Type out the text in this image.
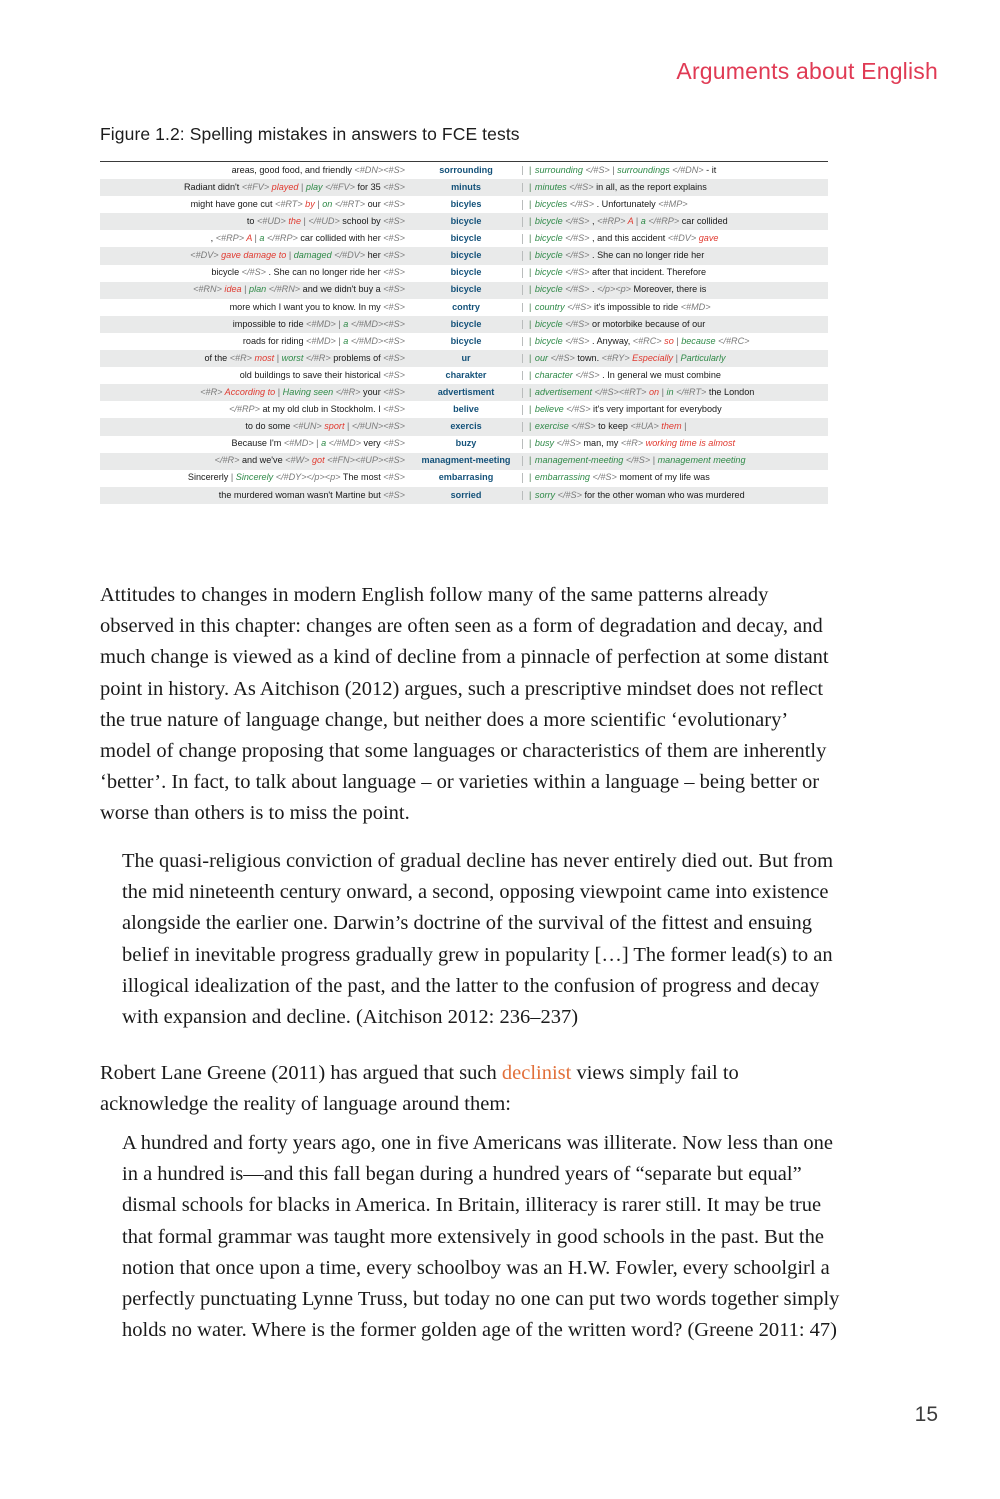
Arguments about English
Figure 1.2: Spelling mistakes in answers to FCE tests
areas, good food, and friendly <#DN><#S>	sorrounding	| surrounding </#S> | surroundings </#DN> - it
Radiant didn't <#FV> played | play </#FV> for 35 <#S>	minuts	| minutes </#S> in all, as the report explains
might have gone cut <#RT> by | on </#RT> our <#S>	bicyles	| bicycles </#S> . Unfortunately <#MP>
to <#UD> the | </#UD> school by <#S>	bicycle	| bicycle </#S> , <#RP> A | a </#RP> car collided
, <#RP> A | a </#RP> car collided with her <#S>	bicycle	| bicycle </#S> , and this accident <#DV> gave
<#DV> gave damage to | damaged </#DV> her <#S>	bicycle	| bicycle </#S> . She can no longer ride her
bicycle </#S> . She can no longer ride her <#S>	bicycle	| bicycle </#S> after that incident. Therefore
<#RN> idea | plan </#RN> and we didn't buy a <#S>	bicycle	| bicycle </#S> . </p><p> Moreover, there is
more which I want you to know. In my <#S>	contry	| country </#S> it's impossible to ride <#MD>
impossible to ride <#MD> | a </#MD><#S>	bicycle	| bicycle </#S> or motorbike because of our
roads for riding <#MD> | a </#MD><#S>	bicycle	| bicycle </#S> . Anyway, <#RC> so | because </#RC>
of the <#R> most | worst </#R> problems of <#S>	ur	| our </#S> town. <#RY> Especially | Particularly
old buildings to save their historical <#S>	charakter	| character </#S> . In general we must combine
<#R> According to | Having seen </#R> your <#S>	advertisment	| advertisement </#S><#RT> on | in </#RT> the London
</#RP> at my old club in Stockholm. I <#S>	belive	| believe </#S> it's very important for everybody
to do some <#UN> sport | </#UN><#S>	exercis	| exercise </#S> to keep <#UA> them |
Because I'm <#MD> | a </#MD> very <#S>	buzy	| busy </#S> man, my <#R> working time is almost
</#R> and we've <#W> got <#FN><#UP><#S>	managment-meeting	| management-meeting </#S> | management meeting
Sincererly | Sincerely </#DY></p><p> The most <#S>	embarrasing	| embarrassing </#S> moment of my life was
the murdered woman wasn't Martine but <#S>	sorried	| sorry </#S> for the other woman who was murdered
Attitudes to changes in modern English follow many of the same patterns already observed in this chapter: changes are often seen as a form of degradation and decay, and much change is viewed as a kind of decline from a pinnacle of perfection at some distant point in history. As Aitchison (2012) argues, such a prescriptive mindset does not reflect the true nature of language change, but neither does a more scientific ‘evolutionary’ model of change proposing that some languages or characteristics of them are inherently ‘better’. In fact, to talk about language – or varieties within a language – being better or worse than others is to miss the point.
The quasi-religious conviction of gradual decline has never entirely died out. But from the mid nineteenth century onward, a second, opposing viewpoint came into existence alongside the earlier one. Darwin’s doctrine of the survival of the fittest and ensuing belief in inevitable progress gradually grew in popularity […] The former lead(s) to an illogical idealization of the past, and the latter to the confusion of progress and decay with expansion and decline. (Aitchison 2012: 236–237)
Robert Lane Greene (2011) has argued that such declinist views simply fail to acknowledge the reality of language around them:
A hundred and forty years ago, one in five Americans was illiterate. Now less than one in a hundred is—and this fall began during a hundred years of “separate but equal” dismal schools for blacks in America. In Britain, illiteracy is rarer still. It may be true that formal grammar was taught more extensively in good schools in the past. But the notion that once upon a time, every schoolboy was an H.W. Fowler, every schoolgirl a perfectly punctuating Lynne Truss, but today no one can put two words together simply holds no water. Where is the former golden age of the written word? (Greene 2011: 47)
15
